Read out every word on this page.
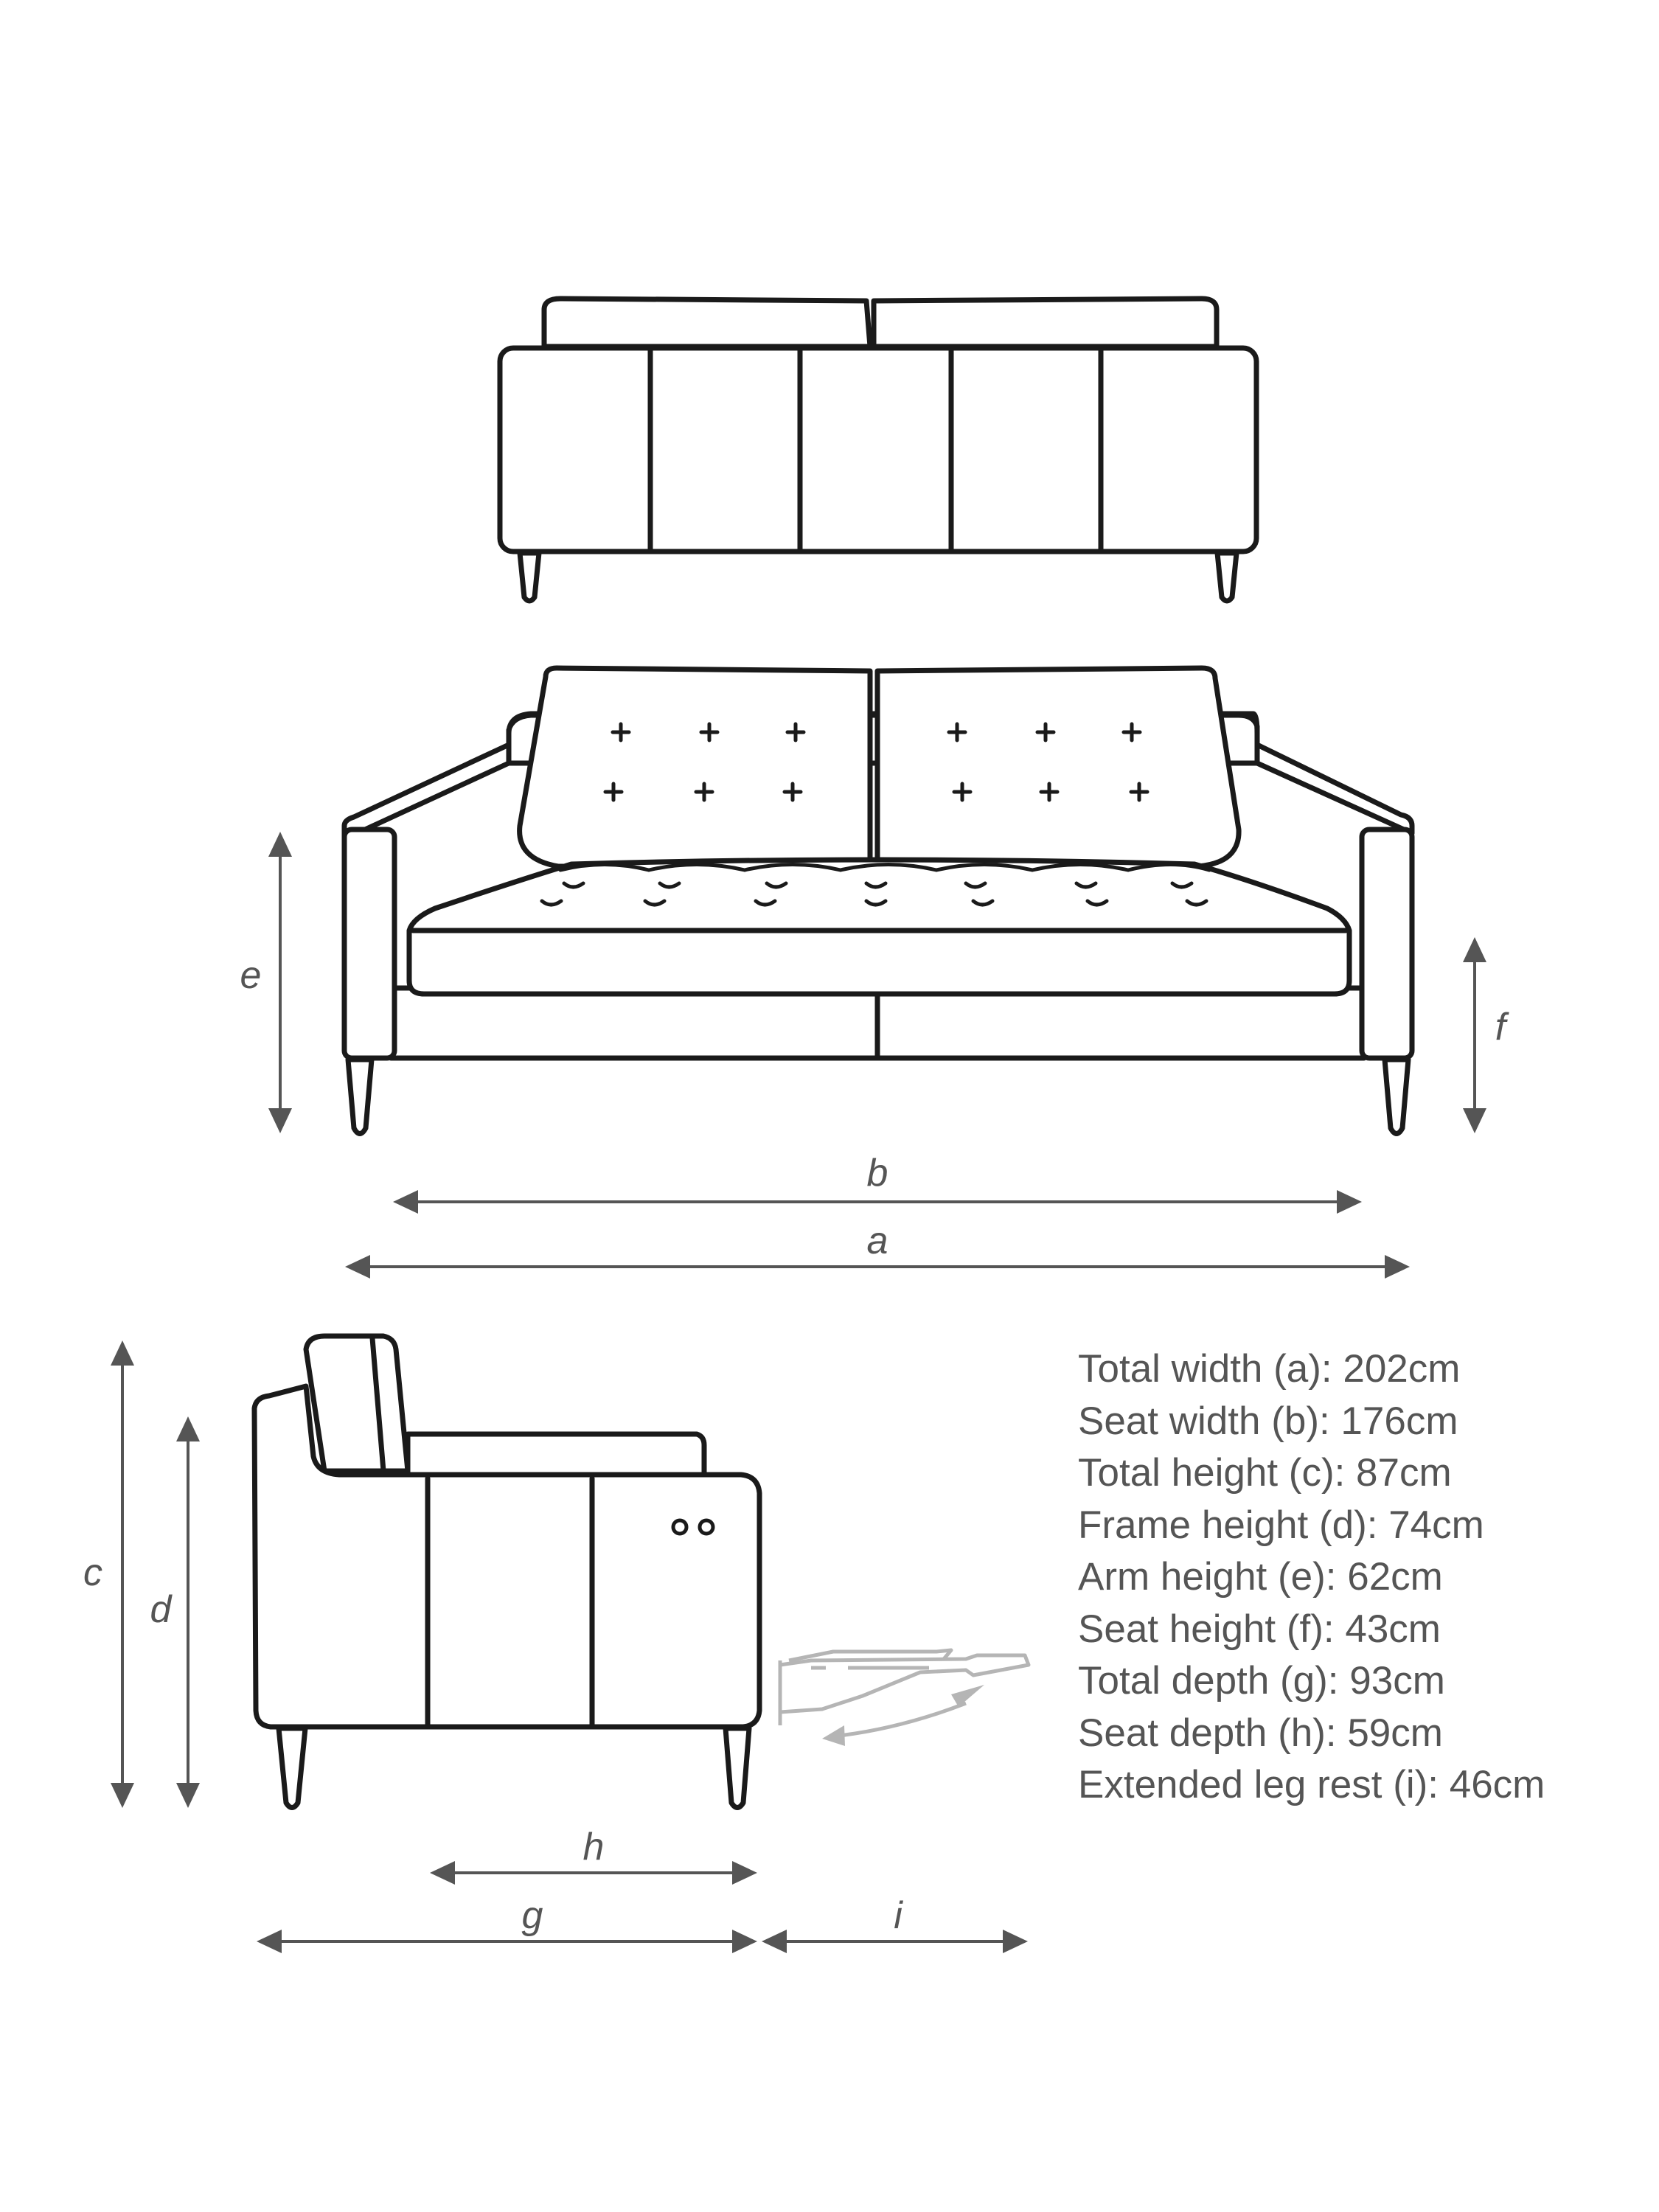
e
f
b
a
c
d
h
g	i
Total width (a): 202cm
Seat width (b): 176cm
Total height (c): 87cm
Frame height (d): 74cm
Arm height (e): 62cm
Seat height (f): 43cm
Total depth (g): 93cm
Seat depth (h): 59cm
Extended leg rest (i): 46cm
